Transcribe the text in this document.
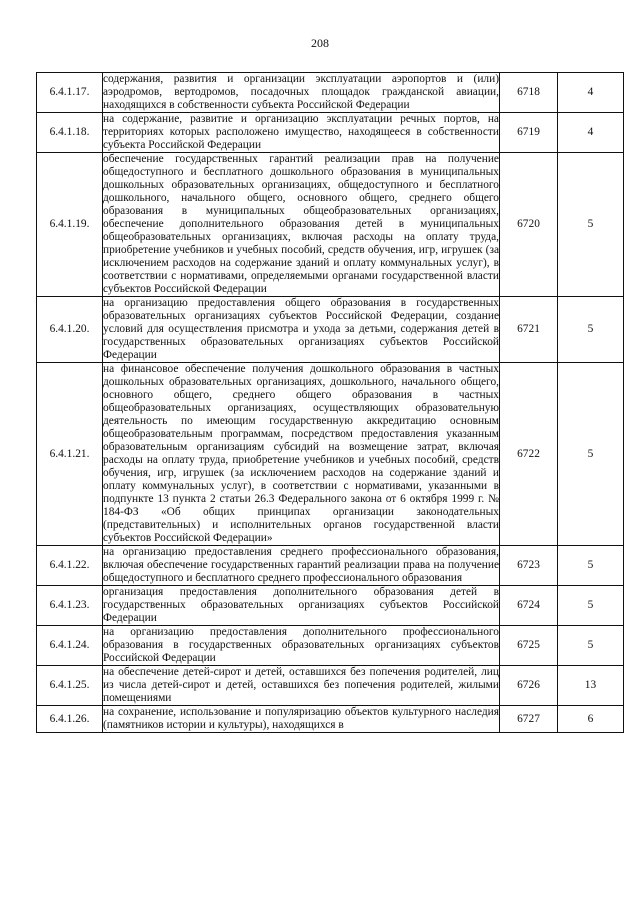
208
6.4.1.17.	содержания, развития и организации эксплуатации аэропортов и (или) аэродромов, вертодромов, посадочных площадок гражданской авиации, находящихся в собственности субъекта Российской Федерации	6718	4
6.4.1.18.	на содержание, развитие и организацию эксплуатации речных портов, на территориях которых расположено имущество, находящееся в собственности субъекта Российской Федерации	6719	4
6.4.1.19.	обеспечение государственных гарантий реализации прав на получение общедоступного и бесплатного дошкольного образования в муниципальных дошкольных образовательных организациях, общедоступного и бесплатного дошкольного, начального общего, основного общего, среднего общего образования в муниципальных общеобразовательных организациях, обеспечение дополнительного образования детей в муниципальных общеобразовательных организациях, включая расходы на оплату труда, приобретение учебников и учебных пособий, средств обучения, игр, игрушек (за исключением расходов на содержание зданий и оплату коммунальных услуг), в соответствии с нормативами, определяемыми органами государственной власти субъектов Российской Федерации	6720	5
6.4.1.20.	на организацию предоставления общего образования в государственных образовательных организациях субъектов Российской Федерации, создание условий для осуществления присмотра и ухода за детьми, содержания детей в государственных образовательных организациях субъектов Российской Федерации	6721	5
6.4.1.21.	на финансовое обеспечение получения дошкольного образования в частных дошкольных образовательных организациях, дошкольного, начального общего, основного общего, среднего общего образования в частных общеобразовательных организациях, осуществляющих образовательную деятельность по имеющим государственную аккредитацию основным общеобразовательным программам, посредством предоставления указанным образовательным организациям субсидий на возмещение затрат, включая расходы на оплату труда, приобретение учебников и учебных пособий, средств обучения, игр, игрушек (за исключением расходов на содержание зданий и оплату коммунальных услуг), в соответствии с нормативами, указанными в подпункте 13 пункта 2 статьи 26.3 Федерального закона от 6 октября 1999 г. № 184-ФЗ «Об общих принципах организации законодательных (представительных) и исполнительных органов государственной власти субъектов Российской Федерации»	6722	5
6.4.1.22.	на организацию предоставления среднего профессионального образования, включая обеспечение государственных гарантий реализации права на получение общедоступного и бесплатного среднего профессионального образования	6723	5
6.4.1.23.	организация предоставления дополнительного образования детей в государственных образовательных организациях субъектов Российской Федерации	6724	5
6.4.1.24.	на организацию предоставления дополнительного профессионального образования в государственных образовательных организациях субъектов Российской Федерации	6725	5
6.4.1.25.	на обеспечение детей-сирот и детей, оставшихся без попечения родителей, лиц из числа детей-сирот и детей, оставшихся без попечения родителей, жилыми помещениями	6726	13
6.4.1.26.	на сохранение, использование и популяризацию объектов культурного наследия (памятников истории и культуры), находящихся в	6727	6
